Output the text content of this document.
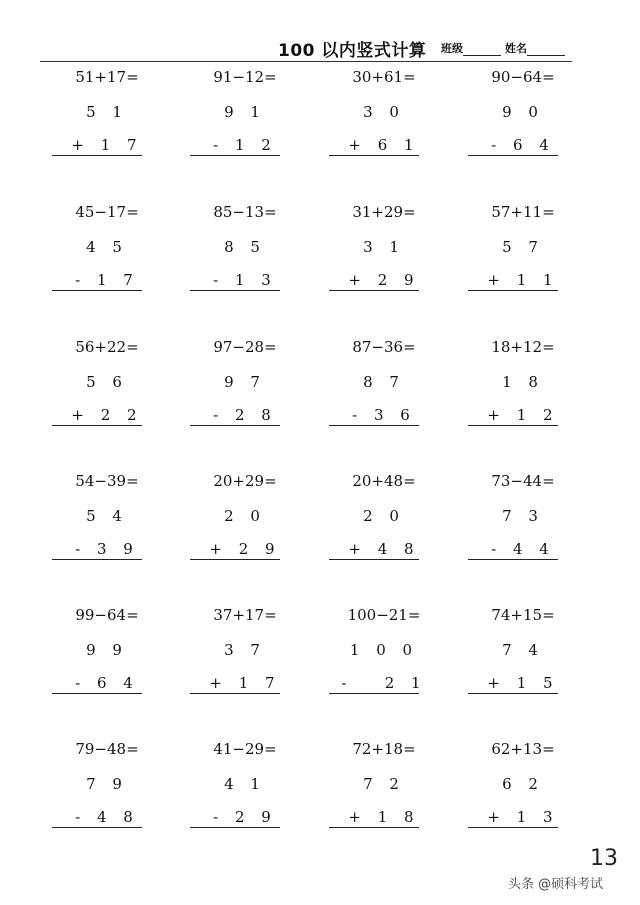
100 以内竖式计算 班级	姓名
51+17=
5 1
+ 1 7
91−12=
9 1
- 1 2
30+61=
3 0
+ 6 1
90−64=
9 0
- 6 4
45−17=
4 5
- 1 7
85−13=
8 5
- 1 3
31+29=
3 1
+ 2 9
57+11=
5 7
+ 1 1
56+22=
5 6
+ 2 2
97−28=
9 7
- 2 8
87−36=
8 7
- 3 6
18+12=
1 8
+ 1 2
54−39=
5 4
- 3 9
20+29=
2 0
+ 2 9
20+48=
2 0
+ 4 8
73−44=
7 3
- 4 4
99−64=
9 9
- 6 4
37+17=
3 7
+ 1 7
100−21=
1 0 0
-   2 1
74+15=
7 4
+ 1 5
79−48=
7 9
- 4 8
41−29=
4 1
- 2 9
72+18=
7 2
+ 1 8
62+13=
6 2
+ 1 3
13
头条 @硕科考试
